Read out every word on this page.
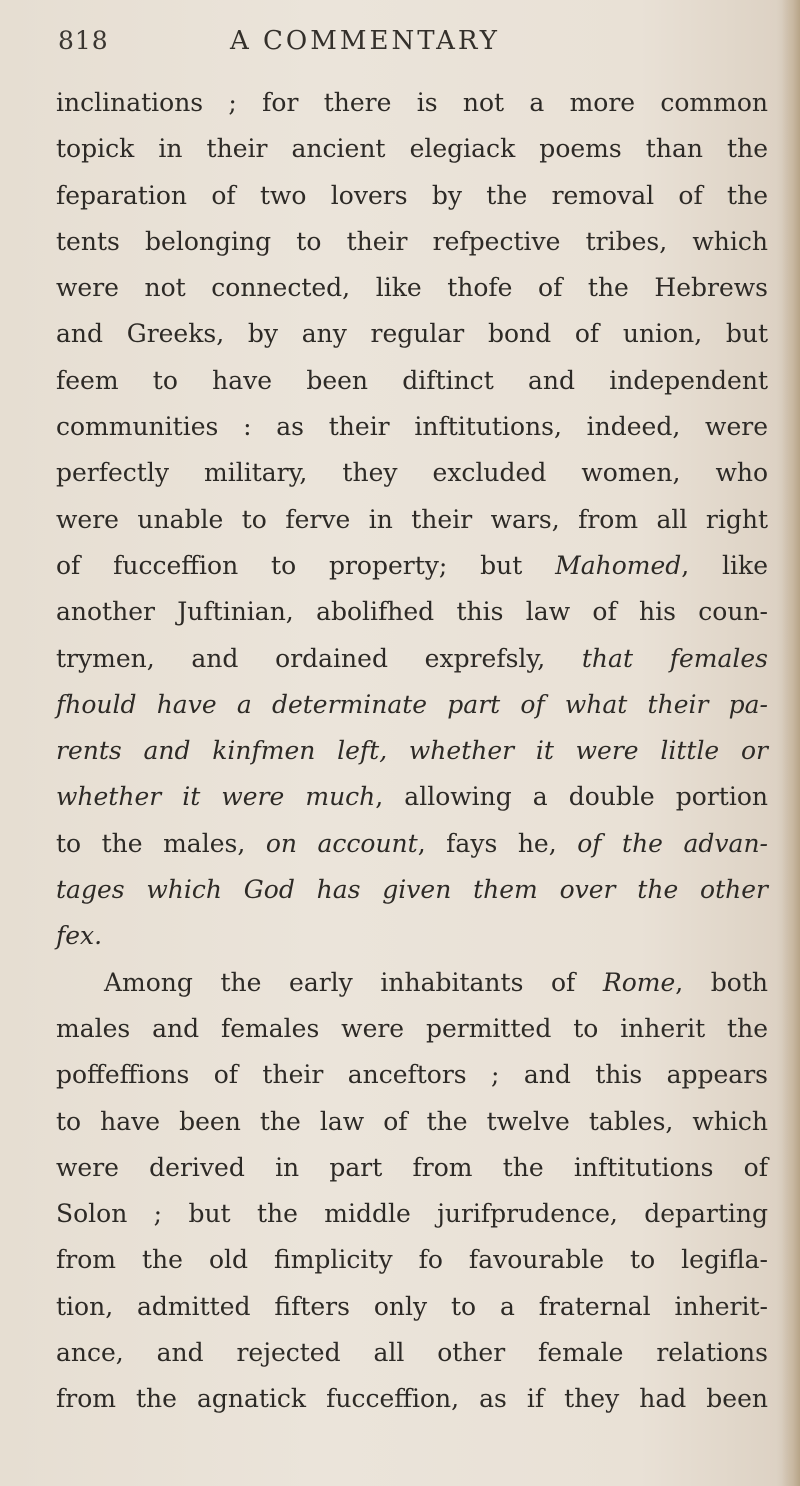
818	A COMMENTARY
inclinations ; for there is not a more common
topick in their ancient elegiack poems than the
feparation of two lovers by the removal of the
tents belonging to their refpective tribes, which
were not connected, like thofe of the Hebrews
and Greeks, by any regular bond of union, but
feem to have been diftinct and independent
communities : as their inftitutions, indeed, were
perfectly military, they excluded women, who
were unable to ferve in their wars, from all right
of fucceffion to property; but Mahomed, like
another Juftinian, abolifhed this law of his coun-
trymen, and ordained exprefsly, that females
fhould have a determinate part of what their pa-
rents and kinfmen left, whether it were little or
whether it were much, allowing a double portion
to the males, on account, fays he, of the advan-
tages which God has given them over the other
fex.
Among the early inhabitants of Rome, both
males and females were permitted to inherit the
poffeffions of their anceftors ; and this appears
to have been the law of the twelve tables, which
were derived in part from the inftitutions of
Solon ; but the middle jurifprudence, departing
from the old fimplicity fo favourable to legifla-
tion, admitted fifters only to a fraternal inherit-
ance, and rejected all other female relations
from the agnatick fucceffion, as if they had been
